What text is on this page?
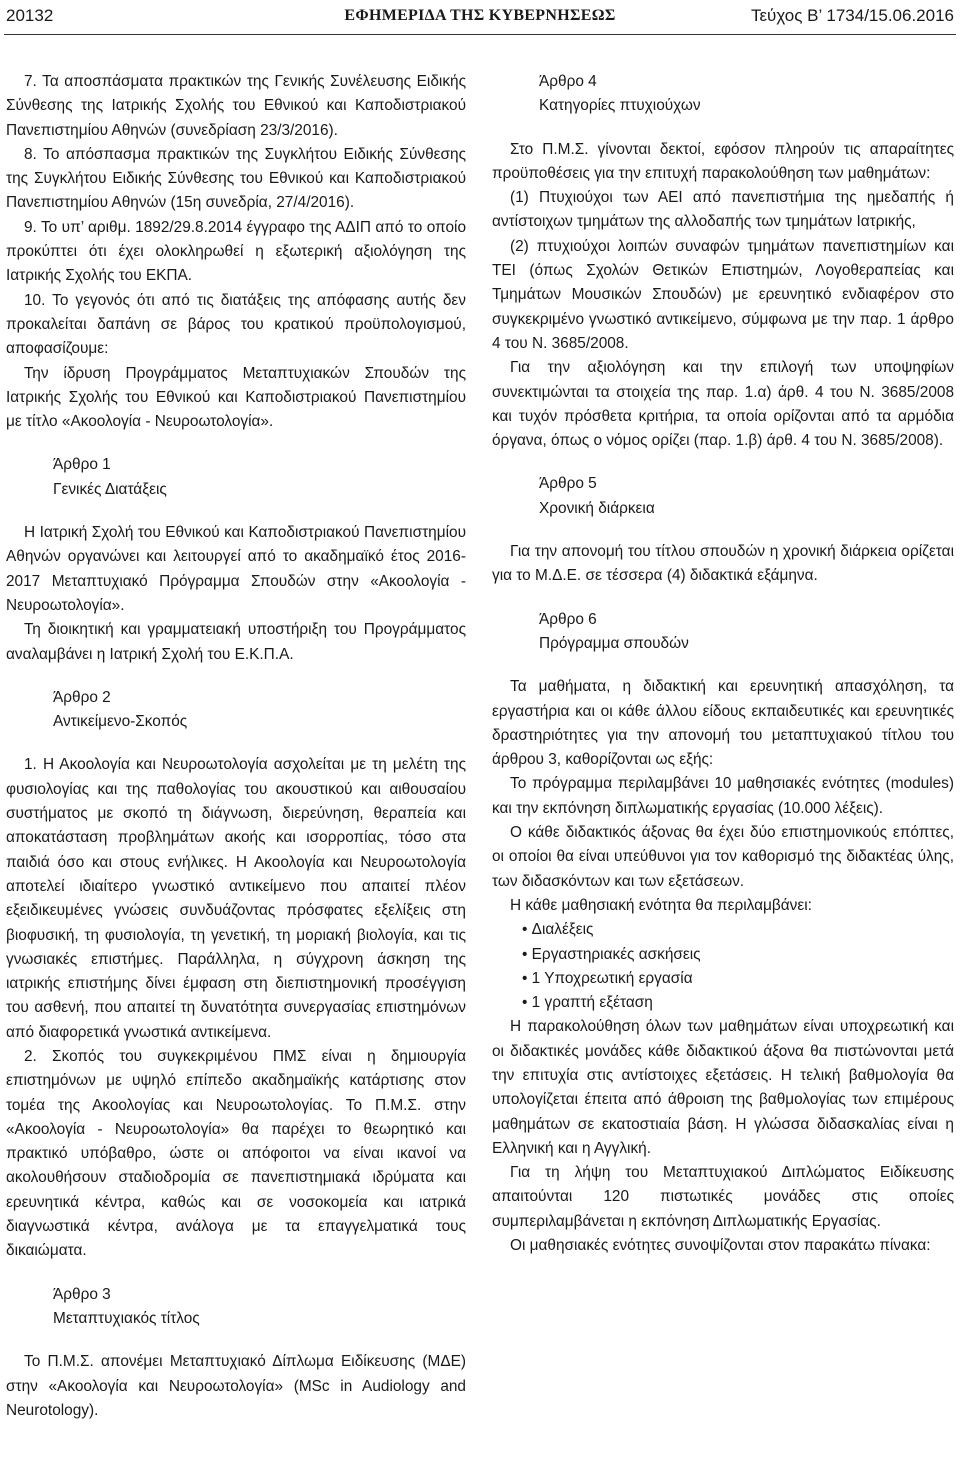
20132	ΕΦΗΜΕΡΙΔΑ ΤΗΣ ΚΥΒΕΡΝΗΣΕΩΣ	Τεύχος Β’ 1734/15.06.2016

7. Τα αποσπάσματα πρακτικών της Γενικής Συνέλευσης Ειδικής Σύνθεσης της Ιατρικής Σχολής του Εθνικού και Καποδιστριακού Πανεπιστημίου Αθηνών (συνεδρίαση 23/3/2016).

8. Το απόσπασμα πρακτικών της Συγκλήτου Ειδικής Σύνθεσης της Συγκλήτου Ειδικής Σύνθεσης του Εθνικού και Καποδιστριακού Πανεπιστημίου Αθηνών (15η συνεδρία, 27/4/2016).

9. Το υπ’ αριθμ. 1892/29.8.2014 έγγραφο της ΑΔΙΠ από το οποίο προκύπτει ότι έχει ολοκληρωθεί η εξωτερική αξιολόγηση της Ιατρικής Σχολής του ΕΚΠΑ.

10. Το γεγονός ότι από τις διατάξεις της απόφασης αυτής δεν προκαλείται δαπάνη σε βάρος του κρατικού προϋπολογισμού, αποφασίζουμε:

Την ίδρυση Προγράμματος Μεταπτυχιακών Σπουδών της Ιατρικής Σχολής του Εθνικού και Καποδιστριακού Πανεπιστημίου με τίτλο «Ακοολογία - Νευροωτολογία».

Άρθρο 1
Γενικές Διατάξεις

Η Ιατρική Σχολή του Εθνικού και Καποδιστριακού Πανεπιστημίου Αθηνών οργανώνει και λειτουργεί από το ακαδημαϊκό έτος 2016-2017 Μεταπτυχιακό Πρόγραμμα Σπουδών στην «Ακοολογία - Νευροωτολογία».

Τη διοικητική και γραμματειακή υποστήριξη του Προγράμματος αναλαμβάνει η Ιατρική Σχολή του Ε.Κ.Π.Α.

Άρθρο 2
Αντικείμενο-Σκοπός

1. Η Ακοολογία και Νευροωτολογία ασχολείται με τη μελέτη της φυσιολογίας και της παθολογίας του ακουστικού και αιθουσαίου συστήματος με σκοπό τη διάγνωση, διερεύνηση, θεραπεία και αποκατάσταση προβλημάτων ακοής και ισορροπίας, τόσο στα παιδιά όσο και στους ενήλικες. Η Ακοολογία και Νευροωτολογία αποτελεί ιδιαίτερο γνωστικό αντικείμενο που απαιτεί πλέον εξειδικευμένες γνώσεις συνδυάζοντας πρόσφατες εξελίξεις στη βιοφυσική, τη φυσιολογία, τη γενετική, τη μοριακή βιολογία, και τις γνωσιακές επιστήμες. Παράλληλα, η σύγχρονη άσκηση της ιατρικής επιστήμης δίνει έμφαση στη διεπιστημονική προσέγγιση του ασθενή, που απαιτεί τη δυνατότητα συνεργασίας επιστημόνων από διαφορετικά γνωστικά αντικείμενα.

2. Σκοπός του συγκεκριμένου ΠΜΣ είναι η δημιουργία επιστημόνων με υψηλό επίπεδο ακαδημαϊκής κατάρτισης στον τομέα της Ακοολογίας και Νευροωτολογίας. Το Π.Μ.Σ. στην «Ακοολογία - Νευροωτολογία» θα παρέχει το θεωρητικό και πρακτικό υπόβαθρο, ώστε οι απόφοιτοι να είναι ικανοί να ακολουθήσουν σταδιοδρομία σε πανεπιστημιακά ιδρύματα και ερευνητικά κέντρα, καθώς και σε νοσοκομεία και ιατρικά διαγνωστικά κέντρα, ανάλογα με τα επαγγελματικά τους δικαιώματα.

Άρθρο 3
Μεταπτυχιακός τίτλος

Το Π.Μ.Σ. απονέμει Μεταπτυχιακό Δίπλωμα Ειδίκευσης (ΜΔΕ) στην «Ακοολογία και Νευροωτολογία» (MSc in Audiology and Neurotology).

Άρθρο 4
Κατηγορίες πτυχιούχων

Στο Π.Μ.Σ. γίνονται δεκτοί, εφόσον πληρούν τις απαραίτητες προϋποθέσεις για την επιτυχή παρακολούθηση των μαθημάτων:

(1) Πτυχιούχοι των ΑΕΙ από πανεπιστήμια της ημεδαπής ή αντίστοιχων τμημάτων της αλλοδαπής των τμημάτων Ιατρικής,

(2) πτυχιούχοι λοιπών συναφών τμημάτων πανεπιστημίων και ΤΕΙ (όπως Σχολών Θετικών Επιστημών, Λογοθεραπείας και Τμημάτων Μουσικών Σπουδών) με ερευνητικό ενδιαφέρον στο συγκεκριμένο γνωστικό αντικείμενο, σύμφωνα με την παρ. 1 άρθρο 4 του Ν. 3685/2008.

Για την αξιολόγηση και την επιλογή των υποψηφίων συνεκτιμώνται τα στοιχεία της παρ. 1.α) άρθ. 4 του Ν. 3685/2008 και τυχόν πρόσθετα κριτήρια, τα οποία ορίζονται από τα αρμόδια όργανα, όπως ο νόμος ορίζει (παρ. 1.β) άρθ. 4 του Ν. 3685/2008).

Άρθρο 5
Χρονική διάρκεια

Για την απονομή του τίτλου σπουδών η χρονική διάρκεια ορίζεται για το Μ.Δ.Ε. σε τέσσερα (4) διδακτικά εξάμηνα.

Άρθρο 6
Πρόγραμμα σπουδών

Τα μαθήματα, η διδακτική και ερευνητική απασχόληση, τα εργαστήρια και οι κάθε άλλου είδους εκπαιδευτικές και ερευνητικές δραστηριότητες για την απονομή του μεταπτυχιακού τίτλου του άρθρου 3, καθορίζονται ως εξής:

Το πρόγραμμα περιλαμβάνει 10 μαθησιακές ενότητες (modules) και την εκπόνηση διπλωματικής εργασίας (10.000 λέξεις).

Ο κάθε διδακτικός άξονας θα έχει δύο επιστημονικούς επόπτες, οι οποίοι θα είναι υπεύθυνοι για τον καθορισμό της διδακτέας ύλης, των διδασκόντων και των εξετάσεων.

Η κάθε μαθησιακή ενότητα θα περιλαμβάνει:

• Διαλέξεις
• Εργαστηριακές ασκήσεις
• 1 Υποχρεωτική εργασία
• 1 γραπτή εξέταση

Η παρακολούθηση όλων των μαθημάτων είναι υποχρεωτική και οι διδακτικές μονάδες κάθε διδακτικού άξονα θα πιστώνονται μετά την επιτυχία στις αντίστοιχες εξετάσεις. Η τελική βαθμολογία θα υπολογίζεται έπειτα από άθροιση της βαθμολογίας των επιμέρους μαθημάτων σε εκατοστιαία βάση. Η γλώσσα διδασκαλίας είναι η Ελληνική και η Αγγλική.

Για τη λήψη του Μεταπτυχιακού Διπλώματος Ειδίκευσης απαιτούνται 120 πιστωτικές μονάδες στις οποίες συμπεριλαμβάνεται η εκπόνηση Διπλωματικής Εργασίας.

Οι μαθησιακές ενότητες συνοψίζονται στον παρακάτω πίνακα:
